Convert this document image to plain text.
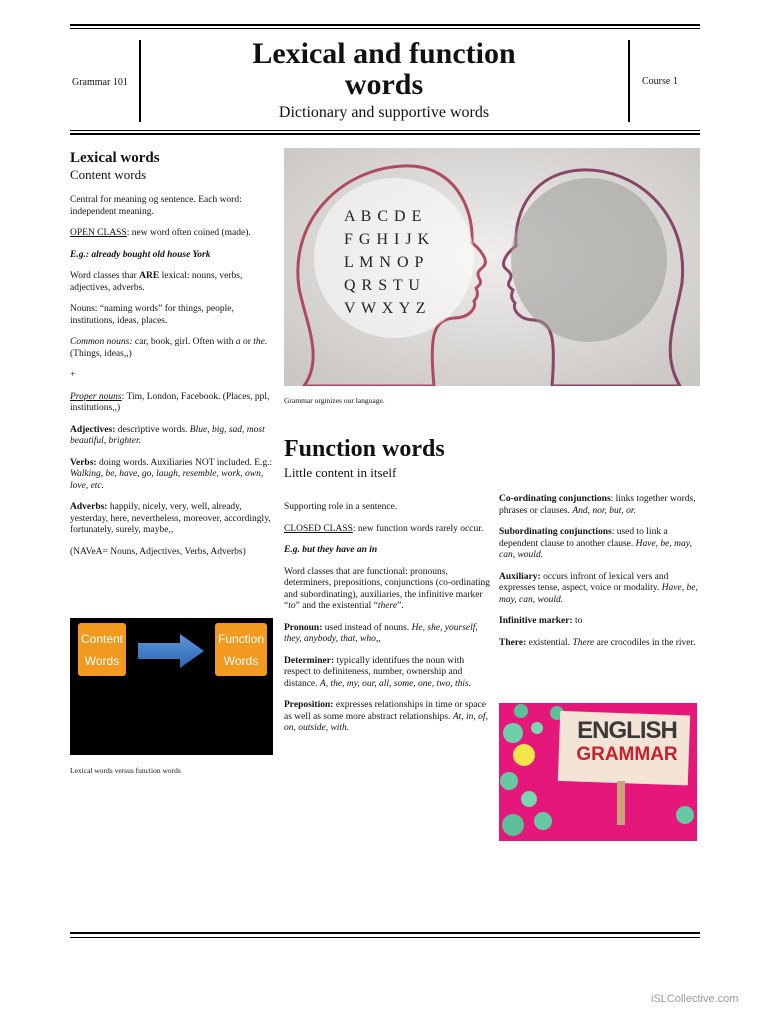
Grammar 101	Course 1
Lexical and function
words
Dictionary and supportive words
Lexical words
Content words
Central for meaning og sentence. Each word: independent meaning.
OPEN CLASS: new word often coined (made).
E.g.: already bought old house York
Word classes thar ARE lexical: nouns, verbs, adjectives, adverbs.
Nouns: “naming words” for things, people, institutions, ideas, places.
Common nouns: car, book, girl. Often with a or the. (Things, ideas,,)
+
Proper nouns: Tim, London, Facebook. (Places, ppl, institutions,,)
Adjectives: descriptive words. Blue, big, sad, most beautiful, brighter.
Verbs: doing words. Auxiliaries NOT included. E.g.: Walking, be, have, go, laugh, resemble, work, own, love, etc.
Adverbs: happily, nicely, very, well, already, yesterday, here, nevertheless, moreover, accordingly, fortunately, surely, maybe,,
(NAVeA= Nouns, Adjectives, Verbs, Adverbs)
Content
Words
Function
Words
Lexical words versus function words
A B C D E
F G H I J K
L M N O P
Q R S T U
V W X Y Z
Grammar orginizes our language.
Function words
Little content in itself
Supporting role in a sentence.
CLOSED CLASS: new function words rarely occur.
E.g. but they have an in
Word classes that are functional: pronouns, determiners, prepositions, conjunctions (co-ordinating and subordinating), auxiliaries, the infinitive marker “to” and the existential “there”.
Pronoun: used instead of nouns. He, she, yourself, they, anybody, that, who,,
Determiner: typically identifues the noun with respect to definiteness, number, ownership and distance. A, the, my, our, all, some, one, two, this.
Preposition: expresses relationships in time or space as well as some more abstract relationships. At, in, of, on, outside, with.
Co-ordinating conjunctions: links together words, phrases or clauses. And, nor, but, or.
Subordinating conjunctions: used to link a dependent clause to another clause. Have, be, may, can, would.
Auxiliary: occurs infront of lexical vers and expresses tense, aspect, voice or modality. Have, be, may, can, would.
Infinitive marker: to
There: existential. There are crocodiles in the river.
ENGLISH
GRAMMAR
iSLCollective.com
